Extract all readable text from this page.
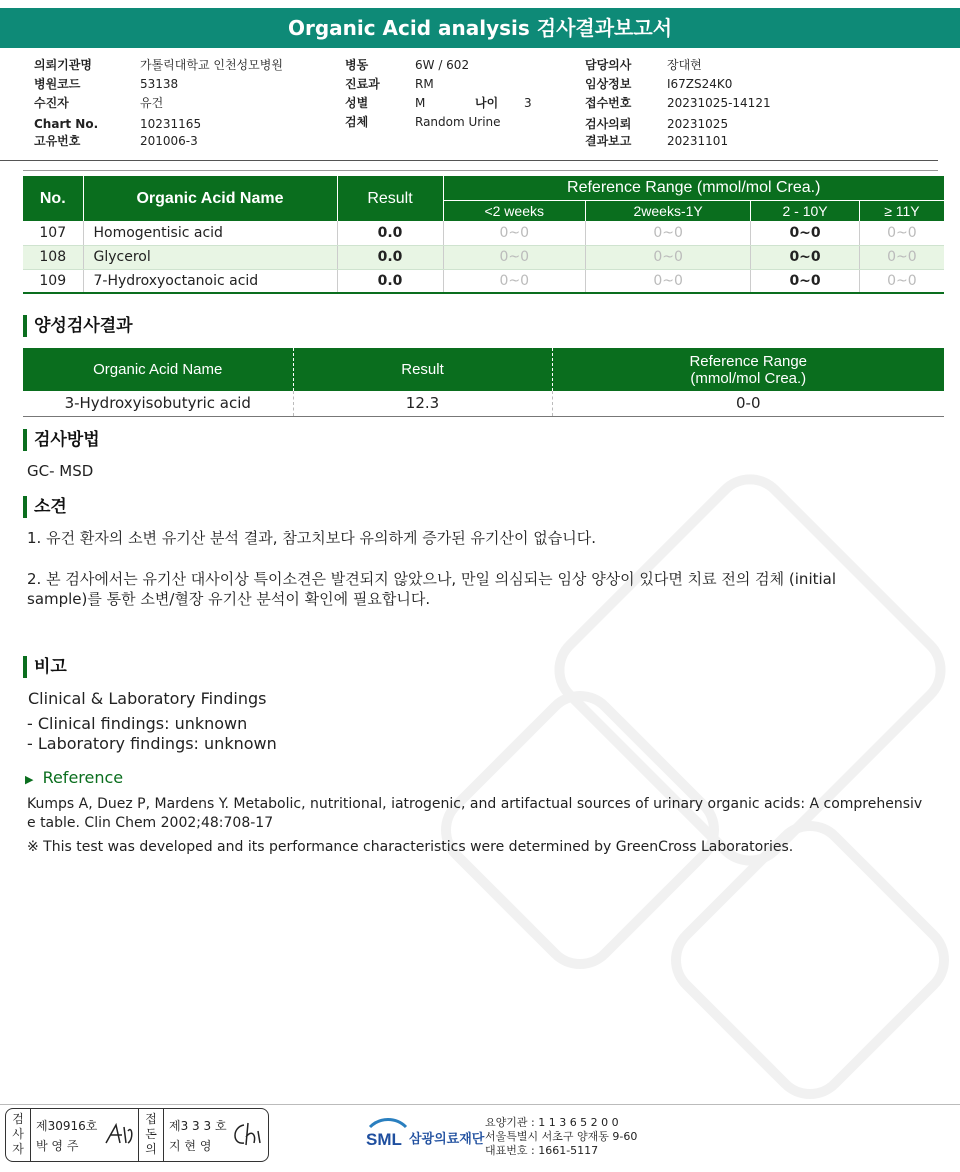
Organic Acid analysis 검사결과보고서
의뢰기관명	가톨릭대학교 인천성모병원
병원코드	53138
수진자	유건
Chart No.	10231165
고유번호	201006-3
병동	6W / 602
진료과	RM
성별	M	나이 3
검체	Random Urine
담당의사	장대현
임상정보	I67ZS24K0
접수번호	20231025-14121
검사의뢰	20231025
결과보고	20231101
No.	Organic Acid Name	Result	Reference Range (mmol/mol Crea.)			
			<2 weeks	2weeks-1Y	2 - 10Y	≥ 11Y
107	Homogentisic acid	0.0	0~0	0~0	0~0	0~0
108	Glycerol	0.0	0~0	0~0	0~0	0~0
109	7-Hydroxyoctanoic acid	0.0	0~0	0~0	0~0	0~0
양성검사결과
Organic Acid Name	Result	Reference Range
(mmol/mol Crea.)

3-Hydroxyisobutyric acid	12.3	0-0
검사방법
GC- MSD
소견
1. 유건 환자의 소변 유기산 분석 결과, 참고치보다 유의하게 증가된 유기산이 없습니다.
2. 본 검사에서는 유기산 대사이상 특이소견은 발견되지 않았으나, 만일 의심되는 임상 양상이 있다면 치료 전의 검체 (initial
sample)를 통한 소변/혈장 유기산 분석이 확인에 필요합니다.
비고
Clinical & Laboratory Findings
- Clinical findings: unknown
- Laboratory findings: unknown
▶ Reference
Kumps A, Duez P, Mardens Y. Metabolic, nutritional, iatrogenic, and artifactual sources of urinary organic acids: A comprehensiv
e table. Clin Chem 2002;48:708-17
※ This test was developed and its performance characteristics were determined by GreenCross Laboratories.
검
사
자
제30916호
박 영 주
접
돈
의
제3 3 3 호
지 현 영	SML 삼광의료재단
요양기관 : 1 1 3 6 5 2 0 0
서울특별시 서초구 양재동 9-60
대표번호 : 1661-5117
